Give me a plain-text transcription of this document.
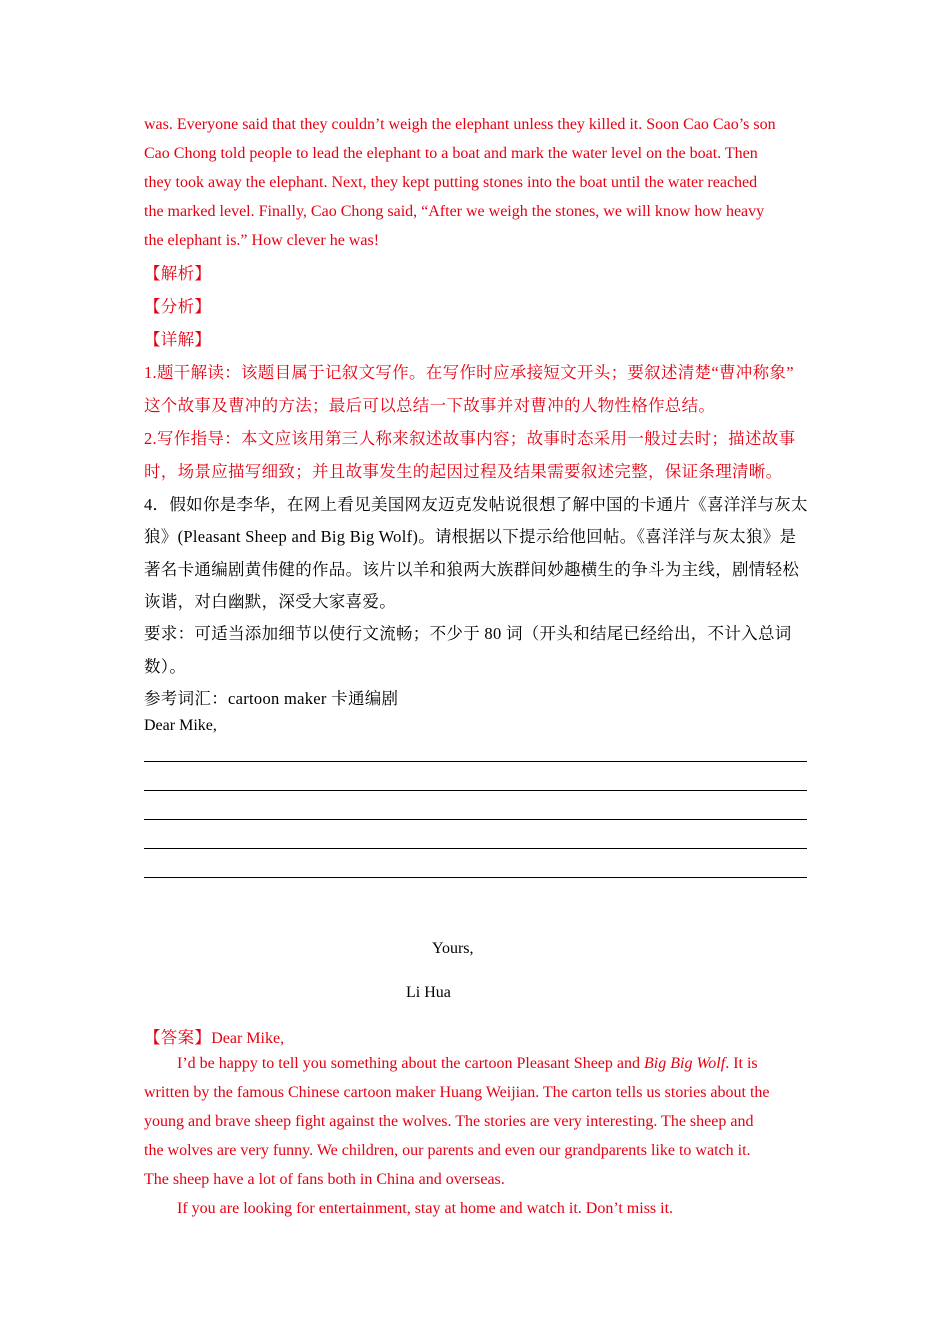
was. Everyone said that they couldn’t weigh the elephant unless they killed it. Soon Cao Cao’s son
Cao Chong told people to lead the elephant to a boat and mark the water level on the boat. Then
they took away the elephant. Next, they kept putting stones into the boat until the water reached
the marked level. Finally, Cao Chong said, “After we weigh the stones, we will know how heavy
the elephant is.” How clever he was!
【解析】
【分析】
【详解】
1.题干解读：该题目属于记叙文写作。在写作时应承接短文开头；要叙述清楚“曹冲称象”
这个故事及曹冲的方法；最后可以总结一下故事并对曹冲的人物性格作总结。
2.写作指导：本文应该用第三人称来叙述故事内容；故事时态采用一般过去时；描述故事
时，场景应描写细致；并且故事发生的起因过程及结果需要叙述完整，保证条理清晰。
4．假如你是李华，在网上看见美国网友迈克发帖说很想了解中国的卡通片《喜洋洋与灰太
狼》(Pleasant Sheep and Big Big Wolf)。请根据以下提示给他回帖。《喜洋洋与灰太狼》是
著名卡通编剧黄伟健的作品。该片以羊和狼两大族群间妙趣横生的争斗为主线，剧情轻松
诙谐，对白幽默，深受大家喜爱。
要求：可适当添加细节以使行文流畅；不少于 80 词（开头和结尾已经给出，不计入总词
数）。
参考词汇：cartoon maker 卡通编剧
Dear Mike,
Yours,
Li Hua
【答案】Dear Mike,
I’d be happy to tell you something about the cartoon Pleasant Sheep and Big Big Wolf. It is
written by the famous Chinese cartoon maker Huang Weijian. The carton tells us stories about the
young and brave sheep fight against the wolves. The stories are very interesting. The sheep and
the wolves are very funny. We children, our parents and even our grandparents like to watch it.
The sheep have a lot of fans both in China and overseas.
If you are looking for entertainment, stay at home and watch it. Don’t miss it.
